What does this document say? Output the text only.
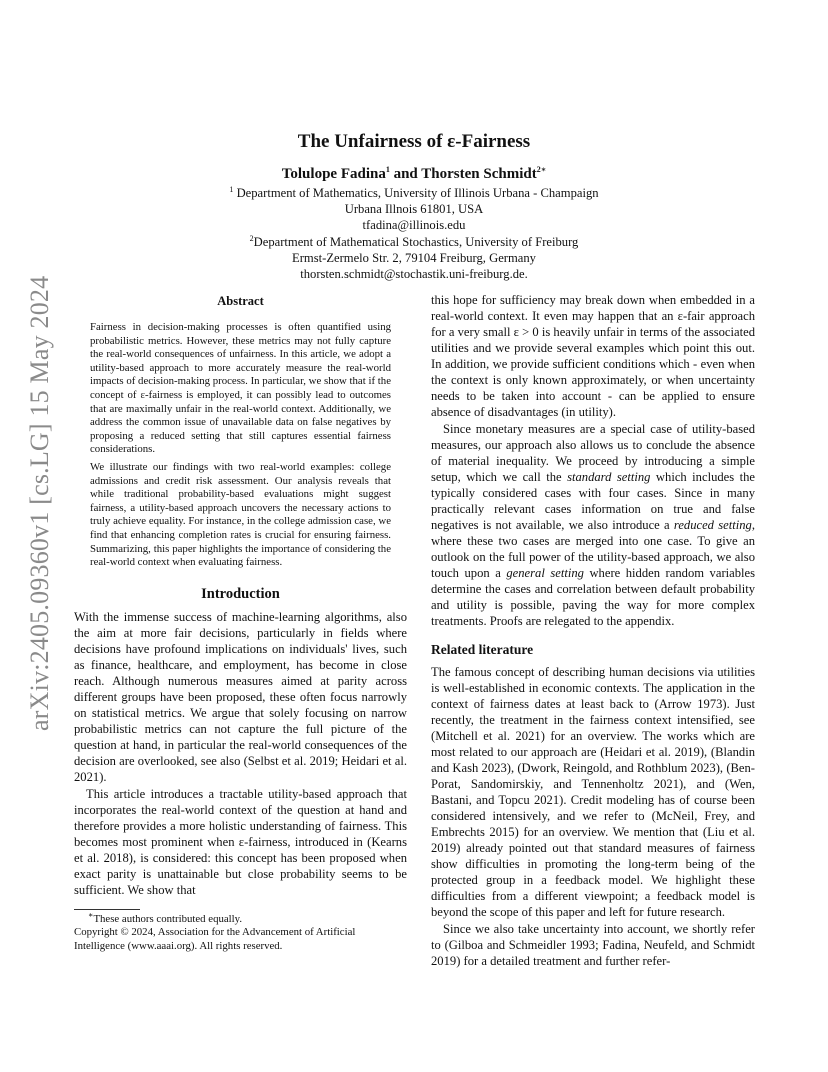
arXiv:2405.09360v1 [cs.LG] 15 May 2024
The Unfairness of ε-Fairness
Tolulope Fadina$^1$ and Thorsten Schmidt$^{2∗}$

$^1$ Department of Mathematics, University of Illinois Urbana - Champaign

Urbana Illnois 61801, USA

tfadina@illinois.edu

$^2$Department of Mathematical Stochastics, University of Freiburg

Ermst-Zermelo Str. 2, 79104 Freiburg, Germany

thorsten.schmidt@stochastik.uni-freiburg.de.

Abstract

Fairness in decision-making processes is often quantified using probabilistic metrics. However, these metrics may not fully capture the real-world consequences of unfairness. In this article, we adopt a utility-based approach to more accurately measure the real-world impacts of decision-making process. In particular, we show that if the concept of ε-fairness is employed, it can possibly lead to outcomes that are maximally unfair in the real-world context. Additionally, we address the common issue of unavailable data on false negatives by proposing a reduced setting that still captures essential fairness considerations.

We illustrate our findings with two real-world examples: college admissions and credit risk assessment. Our analysis reveals that while traditional probability-based evaluations might suggest fairness, a utility-based approach uncovers the necessary actions to truly achieve equality. For instance, in the college admission case, we find that enhancing completion rates is crucial for ensuring fairness. Summarizing, this paper highlights the importance of considering the real-world context when evaluating fairness.

Introduction

With the immense success of machine-learning algorithms, also the aim at more fair decisions, particularly in fields where decisions have profound implications on individuals' lives, such as finance, healthcare, and employment, has become in close reach. Although numerous measures aimed at parity across different groups have been proposed, these often focus narrowly on statistical metrics. We argue that solely focusing on narrow probabilistic metrics can not capture the full picture of the question at hand, in particular the real-world consequences of the decision are overlooked, see also (Selbst et al. 2019; Heidari et al. 2021).

This article introduces a tractable utility-based approach that incorporates the real-world context of the question at hand and therefore provides a more holistic understanding of fairness. This becomes most prominent when ε-fairness, introduced in (Kearns et al. 2018), is considered: this concept has been proposed when exact parity is unattainable but close probability seems to be sufficient. We show that

∗These authors contributed equally.

Copyright © 2024, Association for the Advancement of Artificial Intelligence (www.aaai.org). All rights reserved.

this hope for sufficiency may break down when embedded in a real-world context. It even may happen that an ε-fair approach for a very small ε > 0 is heavily unfair in terms of the associated utilities and we provide several examples which point this out. In addition, we provide sufficient conditions which - even when the context is only known approximately, or when uncertainty needs to be taken into account - can be applied to ensure absence of disadvantages (in utility).

Since monetary measures are a special case of utility-based measures, our approach also allows us to conclude the absence of material inequality. We proceed by introducing a simple setup, which we call the standard setting which includes the typically considered cases with four cases. Since in many practically relevant cases information on true and false negatives is not available, we also introduce a reduced setting, where these two cases are merged into one case. To give an outlook on the full power of the utility-based approach, we also touch upon a general setting where hidden random variables determine the cases and correlation between default probability and utility is possible, paving the way for more complex treatments. Proofs are relegated to the appendix.

Related literature

The famous concept of describing human decisions via utilities is well-established in economic contexts. The application in the context of fairness dates at least back to (Arrow 1973). Just recently, the treatment in the fairness context intensified, see (Mitchell et al. 2021) for an overview. The works which are most related to our approach are (Heidari et al. 2019), (Blandin and Kash 2023), (Dwork, Reingold, and Rothblum 2023), (Ben-Porat, Sandomirskiy, and Tennenholtz 2021), and (Wen, Bastani, and Topcu 2021). Credit modeling has of course been considered intensively, and we refer to (McNeil, Frey, and Embrechts 2015) for an overview. We mention that (Liu et al. 2019) already pointed out that standard measures of fairness show difficulties in promoting the long-term being of the protected group in a feedback model. We highlight these difficulties from a different viewpoint; a feedback model is beyond the scope of this paper and left for future research.

Since we also take uncertainty into account, we shortly refer to (Gilboa and Schmeidler 1993; Fadina, Neufeld, and Schmidt 2019) for a detailed treatment and further refer-
